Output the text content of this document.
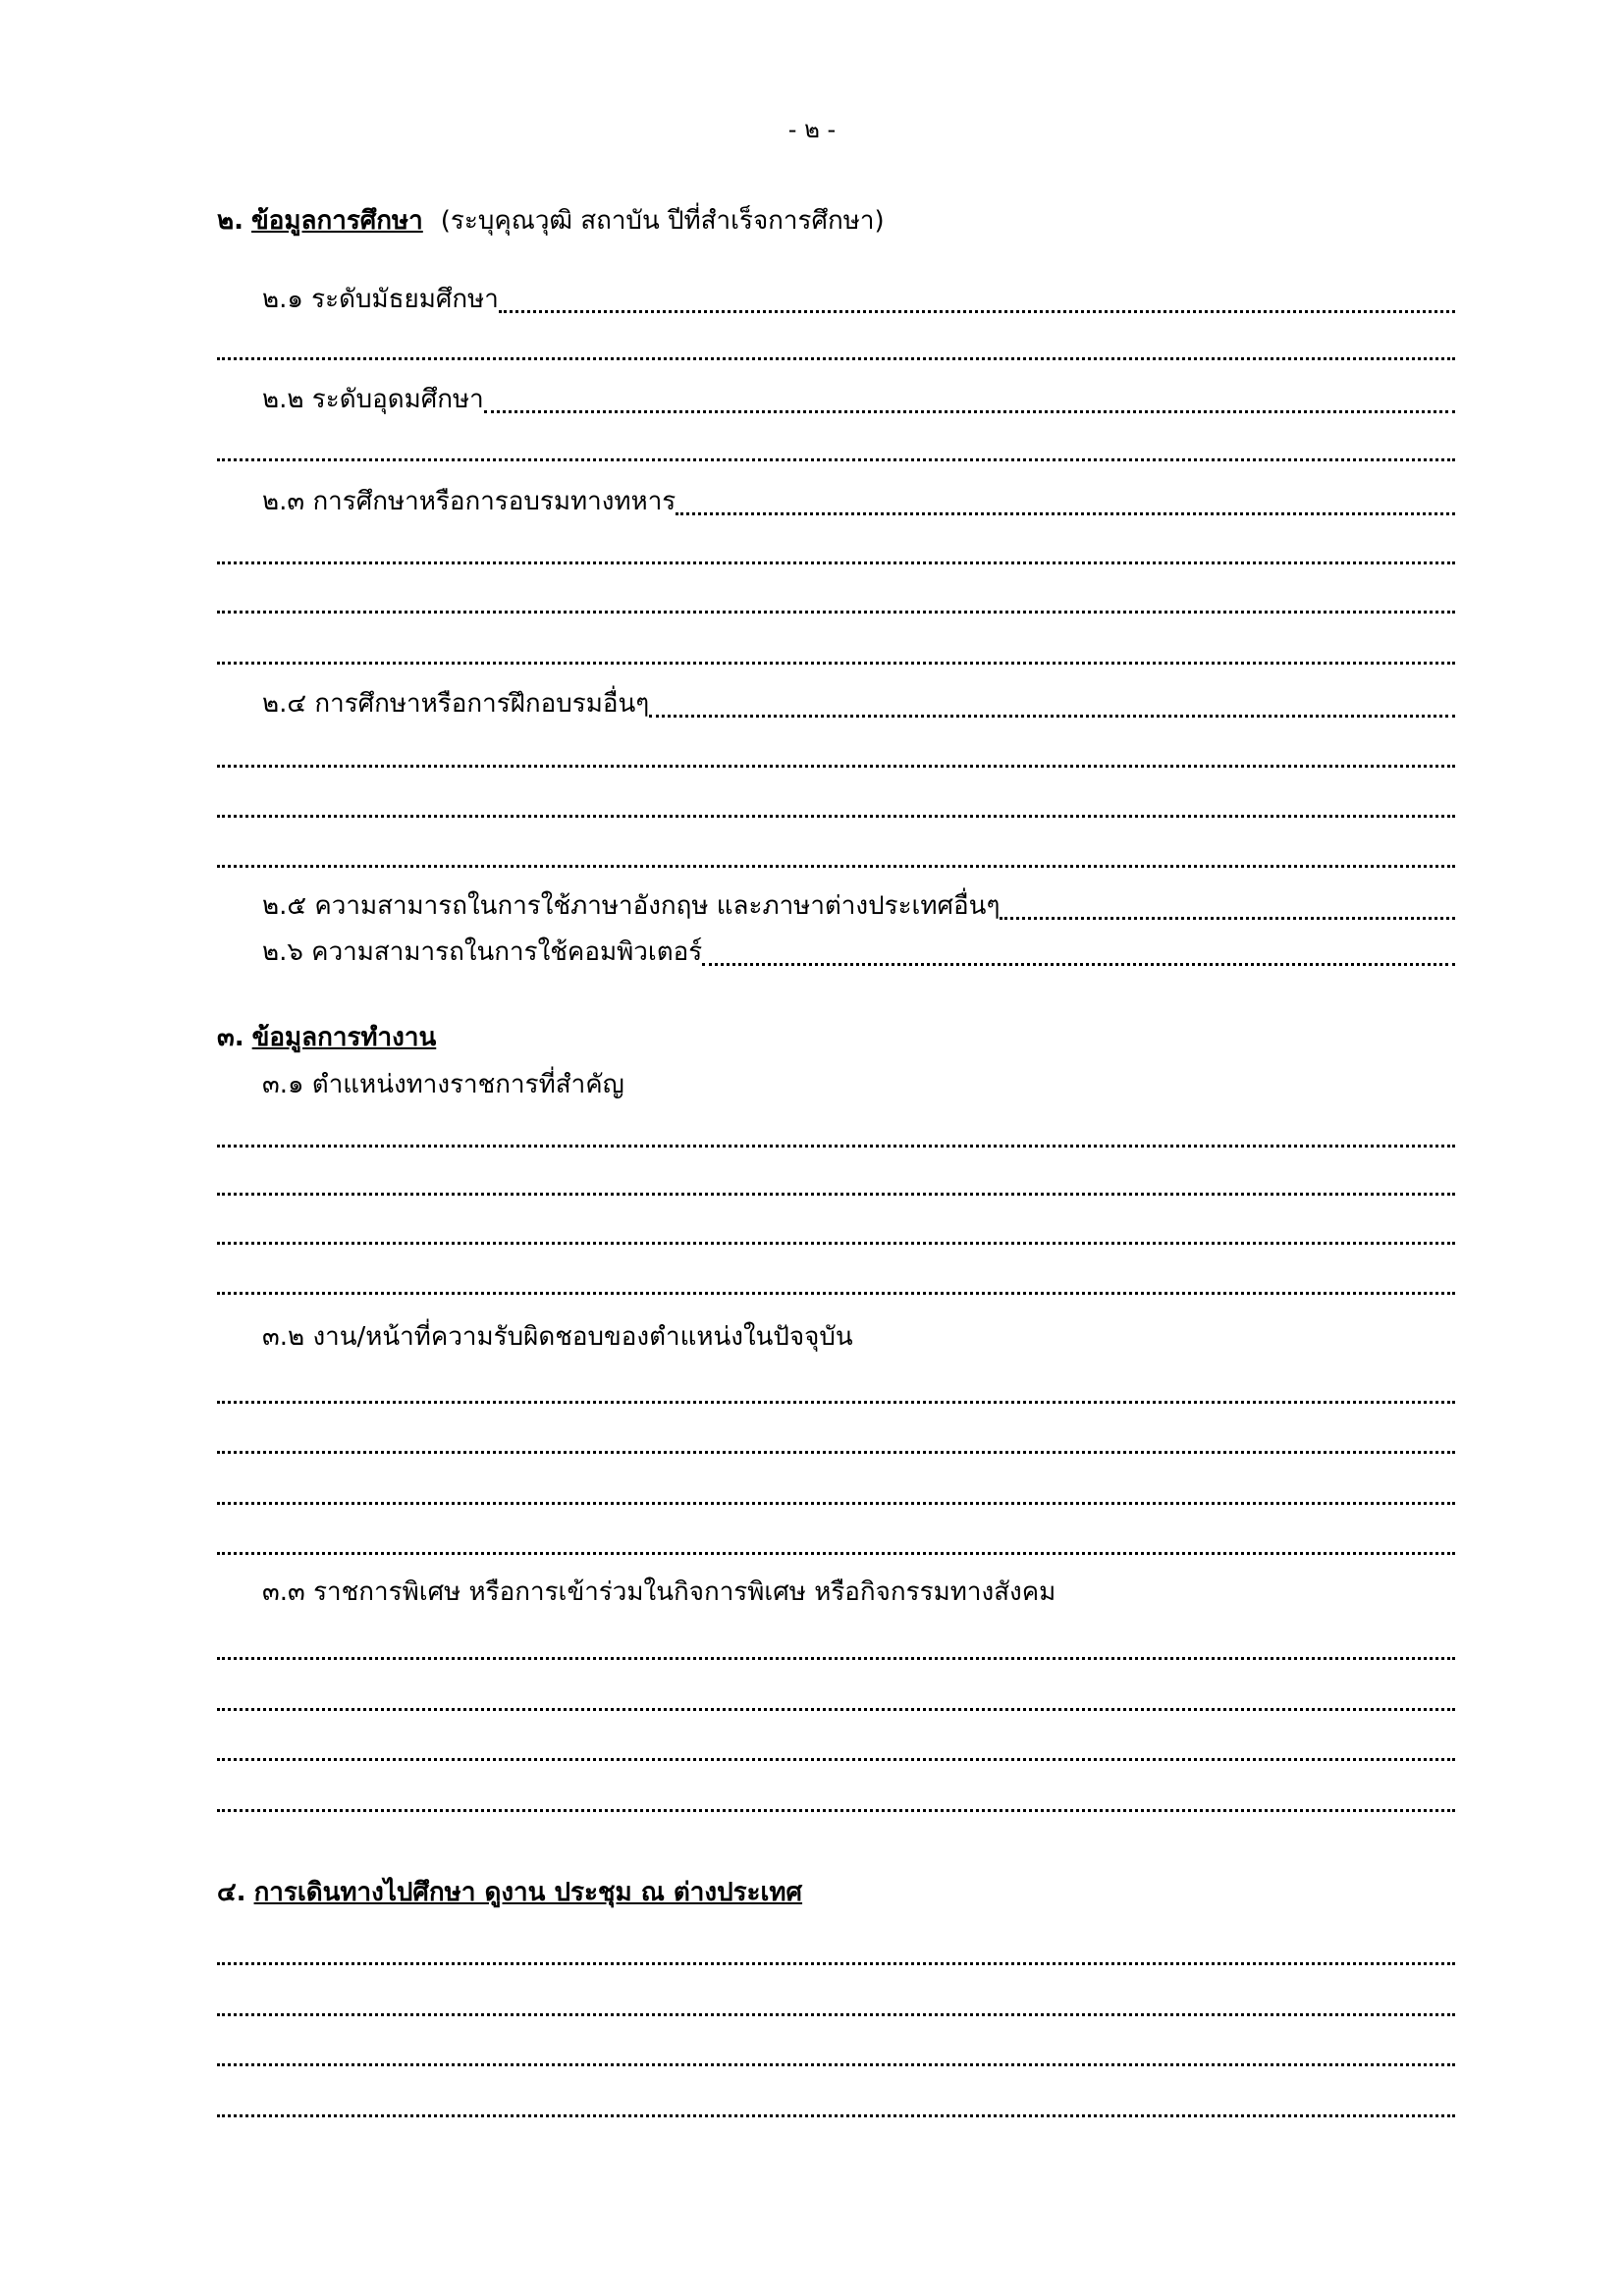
- ๒ -
๒. ข้อมูลการศึกษา (ระบุคุณวุฒิ สถาบัน ปีที่สำเร็จการศึกษา)
๒.๑ ระดับมัธยมศึกษา
๒.๒ ระดับอุดมศึกษา
๒.๓ การศึกษาหรือการอบรมทางทหาร
๒.๔ การศึกษาหรือการฝึกอบรมอื่นๆ
๒.๕ ความสามารถในการใช้ภาษาอังกฤษ และภาษาต่างประเทศอื่นๆ
๒.๖ ความสามารถในการใช้คอมพิวเตอร์
๓. ข้อมูลการทำงาน
๓.๑ ตำแหน่งทางราชการที่สำคัญ
๓.๒ งาน/หน้าที่ความรับผิดชอบของตำแหน่งในปัจจุบัน
๓.๓ ราชการพิเศษ หรือการเข้าร่วมในกิจการพิเศษ หรือกิจกรรมทางสังคม
๔. การเดินทางไปศึกษา ดูงาน ประชุม ณ ต่างประเทศ
